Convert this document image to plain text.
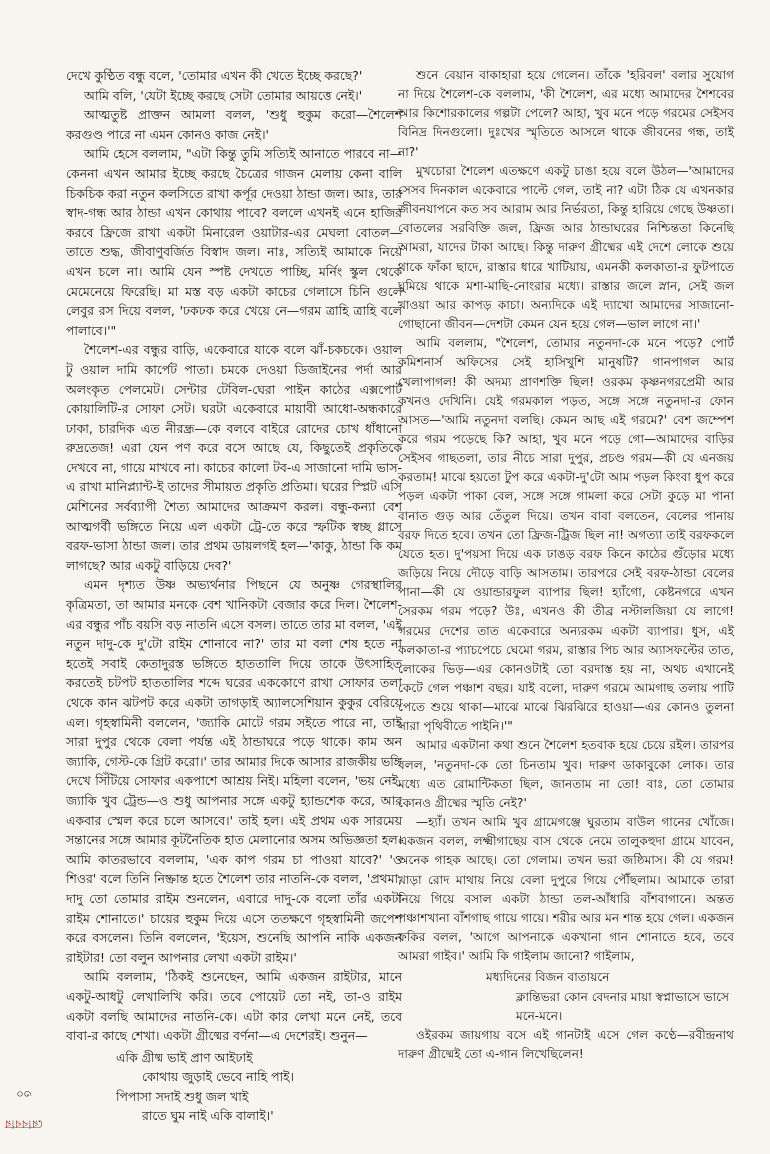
দেখে কুণ্ঠিত বন্ধু বলে, 'তোমার এখন কী খেতে ইচ্ছে করছে?'

আমি বলি, 'যেটা ইচ্ছে করছে সেটা তোমার আয়ত্তে নেই।'

আত্মতুষ্ট প্রাক্তন আমলা বলল, 'শুধু হুকুম করো—শৈলেশ করগুণ্ড পারে না এমন কোনও কাজ নেই।'

আমি হেসে বললাম, "এটা কিন্তু তুমি সত্যিই আনাতে পারবে না—কেননা এখন আমার ইচ্ছে করছে চৈত্রের গাজন মেলায় কেনা বালি চিকচিক করা নতুন কলসিতে রাখা কর্পূর দেওয়া ঠান্ডা জল। আঃ, তার স্বাদ-গন্ধ আর ঠান্ডা এখন কোথায় পাবে? বললে এখনই এনে হাজির করবে ফ্রিজে রাখা একটা মিনারেল ওয়াটার-এর মেঘলা বোতল—তাতে শুদ্ধ, জীবাণুবর্জিত বিস্বাদ জল। নাঃ, সত্যিই আমাকে নিয়ে এখন চলে না। আমি যেন স্পষ্ট দেখতে পাচ্ছি, মর্নিং স্কুল থেকে মেমেনেয়ে ফিরেছি। মা মস্ত বড় একটা কাচের গেলাসে চিনি গুলে লেবুর রস দিয়ে বলল, 'ঢকঢক করে খেয়ে নে—গরম ত্রাহি ত্রাহি বলে পালাবে।'"

শৈলেশ-এর বন্ধুর বাড়ি, একেবারে যাকে বলে ঝাঁ-চকচকে। ওয়াল টু ওয়াল দামি কার্পেট পাতা। চমকে দেওয়া ডিজাইনের পর্দা আর অলংকৃত পেলমেট। সেন্টার টেবিল-ঘেরা পাইন কাঠের এক্সপোর্ট কোয়ালিটি-র সোফা সেট। ঘরটা একেবারে মায়াবী আধো-অন্ধকারে ঢাকা, চারদিক এত নীরন্ধ্র—কে বলবে বাইরে রোদের চোখ ধাঁধানো রুদ্রতেজ! এরা যেন পণ করে বসে আছে যে, কিছুতেই প্রকৃতিকে দেখবে না, গায়ে মাখবে না। কাচের কালো টব-এ সাজানো দামি ভাস-এ রাখা মানিপ্ল্যান্ট-ই তাদের সীমায়ত প্রকৃতি প্রতিমা। ঘরের স্প্লিট এসি মেশিনের সর্বব্যাপী শৈত্য আমাদের আক্রমণ করল। বন্ধু-কন্যা বেশ আত্মগর্বী ভঙ্গিতে নিয়ে এল একটা ট্রে-তে করে স্ফটিক স্বচ্ছ গ্লাসে বরফ-ভাসা ঠান্ডা জল। তার প্রথম ডায়লগই হল—'কাকু, ঠান্ডা কি কম লাগছে? আর একটু বাড়িয়ে দেব?'

এমন দৃশ্যত উষ্ণ অভ্যর্থনার পিছনে যে অনুষ্ণ গেরস্থালির কৃত্রিমতা, তা আমার মনকে বেশ খানিকটা বেজার করে দিল। শৈলেশ-এর বন্ধুর পাঁচ বয়সি বড় নাতনি এসে বসল। তাতে তার মা বলল, 'এই নতুন দাদু-কে দু'টো রাইম শোনাবে না?' তার মা বলা শেষ হতে না হতেই সবাই কেতাদুরস্ত ভঙ্গিতে হাততালি দিয়ে তাকে উৎসাহিত করতেই চটপট হাততালির শব্দে ঘরের এককোণে রাখা সোফার তলা থেকে কান ঝটপট করে একটা তাগড়াই অ্যালসেশিয়ান কুকুর বেরিয়ে এল। গৃহস্বামিনী বললেন, 'জ্যাকি মোটে গরম সইতে পারে না, তাই সারা দুপুর থেকে বেলা পর্যন্ত এই ঠান্ডাঘরে পড়ে থাকে। কাম অন জ্যাকি, গেস্ট-কে গ্রিট করো।' তার আমার দিকে আসার রাজকীয় ভঙ্গি দেখে সিঁটিয়ে সোফার একপাশে আশ্রয় নিই। মহিলা বলেন, 'ভয় নেই, জ্যাকি খুব ট্রেন্ড—ও শুধু আপনার সঙ্গে একটু হ্যান্ডশেক করে, আর একবার স্মেল করে চলে আসবে।' তাই হল। এই প্রথম এক সারমেয় সন্তানের সঙ্গে আমার কূটনৈতিক হাত মেলানোর অসম অভিজ্ঞতা হল। আমি কাতরভাবে বললাম, 'এক কাপ গরম চা পাওয়া যাবে?' 'ও শিওর' বলে তিনি নিষ্ক্রান্ত হতে শৈলেশ তার নাতনি-কে বলল, 'প্রথমা, দাদু তো তোমার রাইম শুনলেন, এবারে দাদু-কে বলো তাঁর একটা রাইম শোনাতে।' চায়ের হুকুম দিয়ে এসে ততক্ষণে গৃহস্বামিনী জপেশ করে বসলেন। তিনি বললেন, 'ইয়েস, শুনেছি আপনি নাকি একজন রাইটার! তো বলুন আপনার লেখা একটা রাইম।'

আমি বললাম, 'ঠিকই শুনেছেন, আমি একজন রাইটার, মানে একটু-আধটু লেখালিখি করি। তবে পোয়েট তো নই, তা-ও রাইম একটা বলছি আমাদের নাতনি-কে। এটা কার লেখা মনে নেই, তবে বাবা-র কাছে শেখা। একটা গ্রীষ্মের বর্ণনা—এ দেশেরই। শুনুন—

একি গ্রীষ্ম ভাই প্রাণ আইঢাই
কোথায় জুড়াই ভেবে নাহি পাই।
পিপাসা সদাই শুধু জল খাই
রাতে ঘুম নাই একি বালাই।'

শুনে বেয়ান বাকাহারা হয়ে গেলেন। তাঁকে 'হরিবল' বলার সুযোগ না দিয়ে শৈলেশ-কে বললাম, 'কী শৈলেশ, এর মধ্যে আমাদের শৈশবের আর কিশোরকালের গল্পটা পেলে? আহা, খুব মনে পড়ে গরমের সেইসব বিনিদ্র দিনগুলো। দুঃখের স্মৃতিতে আসলে থাকে জীবনের গন্ধ, তাই না?'

মুখচোরা শৈলেশ এতক্ষণে একটু চাঙা হয়ে বলে উঠল—'আমাদের সেসব দিনকাল একেবারে পাল্টে গেল, তাই না? এটা ঠিক যে এখনকার জীবনযাপনে কত সব আরাম আর নির্ভরতা, কিন্তু হারিয়ে গেছে উষ্ণতা। বোতলের সরবিক্তি জল, ফ্রিজ আর ঠান্ডাঘরের নিশ্চিন্ততা কিনেছি আমরা, যাদের টাকা আছে। কিন্তু দারুণ গ্রীষ্মের এই দেশে লোকে শুয়ে থাকে ফাঁকা ছাদে, রাস্তার ধারে খাটিয়ায়, এমনকী কলকাতা-র ফুটপাতে ঘুমিয়ে থাকে মশা-মাছি-নোংরার মধ্যে। রাস্তার জলে স্নান, সেই জল খাওয়া আর কাপড় কাচা। অন্যদিকে এই দ্যাখো আমাদের সাজানো-গোছানো জীবন—দেশটা কেমন যেন হয়ে গেল—ভাল লাগে না।'

আমি বললাম, "শৈলেশ, তোমার নতুনদা-কে মনে পড়ে? পোর্ট কমিশনার্স অফিসের সেই হাসিখুশি মানুষটি? গানপাগল আর খেলাপাগল! কী অদম্য প্রাণশক্তি ছিল! ওরকম কৃষ্ণনগরপ্রেমী আর কখনও দেখিনি। যেই গরমকাল পড়ত, সঙ্গে সঙ্গে নতুনদা-র ফোন আসত—'আমি নতুনদা বলছি। কেমন আছ এই গরমে?' বেশ জম্পেশ করে গরম পড়েছে কি? আহা, খুব মনে পড়ে গো—আমাদের বাড়ির সেইসব গাছতলা, তার নীচে সারা দুপুর, প্রচণ্ড গরম—কী যে এনজয় করতাম! মাঝে হয়তো টুপ করে একটা-দু'টো আম পড়ল কিংবা ধুপ করে পড়ল একটা পাকা বেল, সঙ্গে সঙ্গে গামলা করে সেটা কুড়ে মা পানা বানাত গুড় আর তেঁতুল দিয়ে। তখন বাবা বলতেন, বেলের পানায় বরফ দিতে হবে। তখন তো ফ্রিজ-ট্রিজ ছিল না! অগত্যা তাই বরফকলে যেতে হত। দু'পয়সা দিয়ে এক ঢাঙড় বরফ কিনে কাঠের গুঁড়োর মধ্যে জড়িয়ে নিয়ে দৌড়ে বাড়ি আসতাম। তারপরে সেই বরফ-ঠান্ডা বেলের পানা—কী যে ওয়ান্ডারফুল ব্যাপার ছিল! হ্যাঁগো, কেষ্টনগরে এখন সেরকম গরম পড়ে? উঃ, এখনও কী তীব্র নস্টালজিয়া যে লাগে! গরমের দেশের তাত একেবারে অন্যরকম একটা ব্যাপার। ধুস, এই কলকাতা-র প্যাচপেচে ঘেমো গরম, রাস্তার পিচ আর অ্যাসফল্টের তাত, লোকের ভিড়—এর কোনওটাই তো বরদাস্ত হয় না, অথচ এখানেই কেটে গেল পঞ্চাশ বছর। যাই বলো, দারুণ গরমে আমগাছ তলায় পাটি পেতে শুয়ে থাকা—মাঝে মাঝে ঝিরঝিরে হাওয়া—এর কোনও তুলনা সারা পৃথিবীতে পাইনি।'"

আমার একটানা কথা শুনে শৈলেশ হতবাক হয়ে চেয়ে রইল। তারপর বলল, 'নতুনদা-কে তো চিনতাম খুব। দারুণ ডাকাবুকো লোক। তার মধ্যে এত রোমান্টিকতা ছিল, জানতাম না তো! বাঃ, তো তোমার কোনও গ্রীষ্মের স্মৃতি নেই?'

—হ্যাঁ। তখন আমি খুব গ্রামেগঞ্জে ঘুরতাম বাউল গানের খোঁজে। একজন বলল, লক্ষ্মীগাছেয় বাস থেকে নেমে তালুকহুদা গ্রামে যাবেন, অনেক গাহক আছে। তো গেলাম। তখন ভরা জষ্ঠিমাস। কী যে গরম! খাড়া রোদ মাথায় নিয়ে বেলা দুপুরে গিয়ে পৌঁছলাম। আমাকে তারা নিয়ে গিয়ে বসাল একটা ঠান্ডা তল-আঁধারি বাঁশবাগানে। অন্তত পঞ্চাশখানা বাঁশগাছ গায়ে গায়ে। শরীর আর মন শান্ত হয়ে গেল। একজন ফকির বলল, 'আগে আপনাকে একখানা গান শোনাতে হবে, তবে আমরা গাইব।' আমি কি গাইলাম জানো? গাইলাম,

মধ্যদিনের বিজন বাতায়নে
ক্লান্তিভরা কোন বেদনার মায়া স্বপ্নাভাসে ভাসে
মনে-মনে।

ওইরকম জায়গায় বসে এই গানটাই এসে গেল কণ্ঠে—রবীন্দ্রনাথ দারুণ গ্রীষ্মেই তো এ-গান লিখেছিলেন!

রোববার ৩০
